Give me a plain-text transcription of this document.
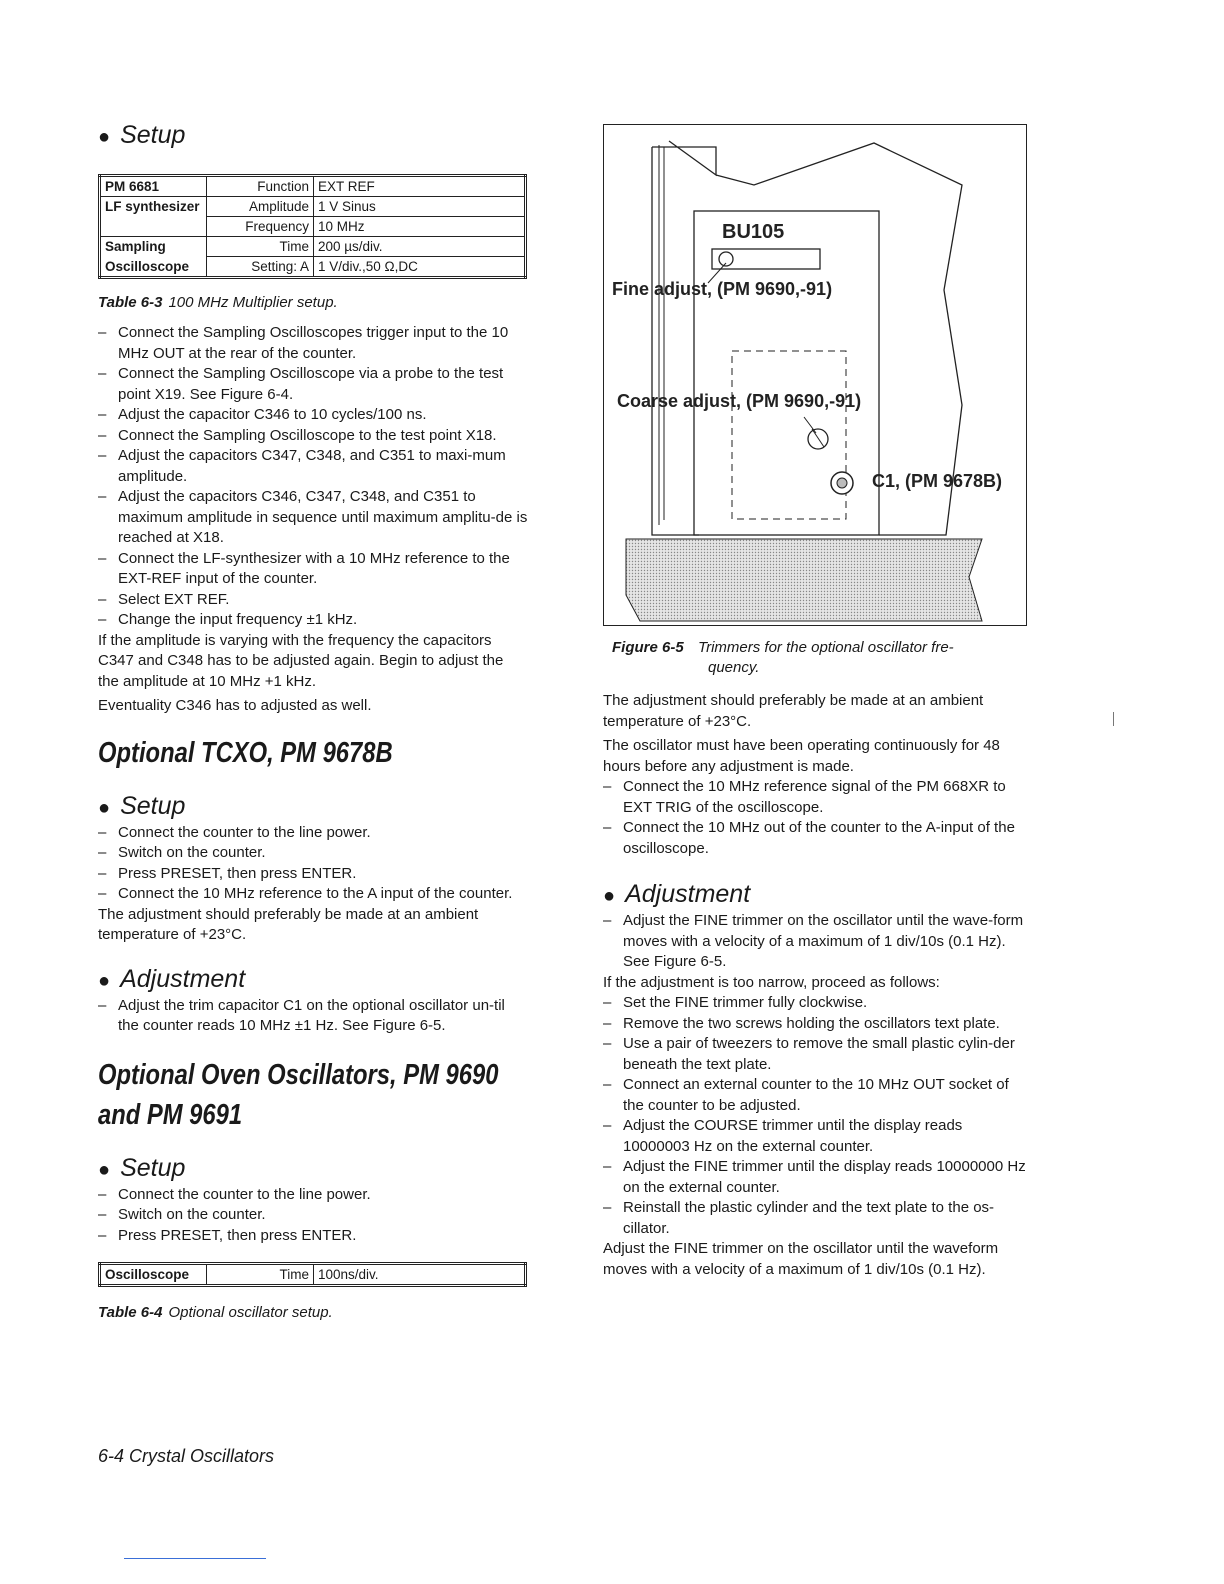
● Setup
PM 6681	Function	EXT REF
LF synthesizer	Amplitude	1 V Sinus
	Frequency	10 MHz
Sampling	Time	200 µs/div.
Oscilloscope	Setting: A	1 V/div.,50 Ω,DC
Table 6-3 100 MHz Multiplier setup.
– Connect the Sampling Oscilloscopes trigger input to the 10 MHz OUT at the rear of the counter.
– Connect the Sampling Oscilloscope via a probe to the test point X19. See Figure 6-4.
– Adjust the capacitor C346 to 10 cycles/100 ns.
– Connect the Sampling Oscilloscope to the test point X18.
– Adjust the capacitors C347, C348, and C351 to maxi-mum amplitude.
– Adjust the capacitors C346, C347, C348, and C351 to maximum amplitude in sequence until maximum amplitu-de is reached at X18.
– Connect the LF-synthesizer with a 10 MHz reference to the EXT-REF input of the counter.
– Select EXT REF.
– Change the input frequency ±1 kHz.

If the amplitude is varying with the frequency the capacitors C347 and C348 has to be adjusted again. Begin to adjust the the amplitude at 10 MHz +1 kHz.

Eventuality C346 has to adjusted as well.

Optional TCXO, PM 9678B
● Setup
– Connect the counter to the line power.
– Switch on the counter.
– Press PRESET, then press ENTER.
– Connect the 10 MHz reference to the A input of the counter.

The adjustment should preferably be made at an ambient temperature of +23°C.

● Adjustment
– Adjust the trim capacitor C1 on the optional oscillator un-til the counter reads 10 MHz ±1 Hz. See Figure 6-5.
Optional Oven Oscillators, PM 9690
and PM 9691
● Setup
– Connect the counter to the line power.
– Switch on the counter.
– Press PRESET, then press ENTER.
Oscilloscope	Time	100ns/div.
Table 6-4 Optional oscillator setup.
BU105
Fine adjust, (PM 9690,-91)
Coarse adjust, (PM 9690,-91)
C1, (PM 9678B)
Figure 6-5 Trimmers for the optional oscillator fre-
quency.

The adjustment should preferably be made at an ambient temperature of +23°C.

The oscillator must have been operating continuously for 48 hours before any adjustment is made.

– Connect the 10 MHz reference signal of the PM 668XR to EXT TRIG of the oscilloscope.
– Connect the 10 MHz out of the counter to the A-input of the oscilloscope.
● Adjustment
– Adjust the FINE trimmer on the oscillator until the wave-form moves with a velocity of a maximum of 1 div/10s (0.1 Hz). See Figure 6-5.

If the adjustment is too narrow, proceed as follows:

– Set the FINE trimmer fully clockwise.
– Remove the two screws holding the oscillators text plate.
– Use a pair of tweezers to remove the small plastic cylin-der beneath the text plate.
– Connect an external counter to the 10 MHz OUT socket of the counter to be adjusted.
– Adjust the COURSE trimmer until the display reads 10000003 Hz on the external counter.
– Adjust the FINE trimmer until the display reads 10000000 Hz on the external counter.
– Reinstall the plastic cylinder and the text plate to the os-cillator.

Adjust the FINE trimmer on the oscillator until the waveform moves with a velocity of a maximum of 1 div/10s (0.1 Hz).

6-4 Crystal Oscillators
